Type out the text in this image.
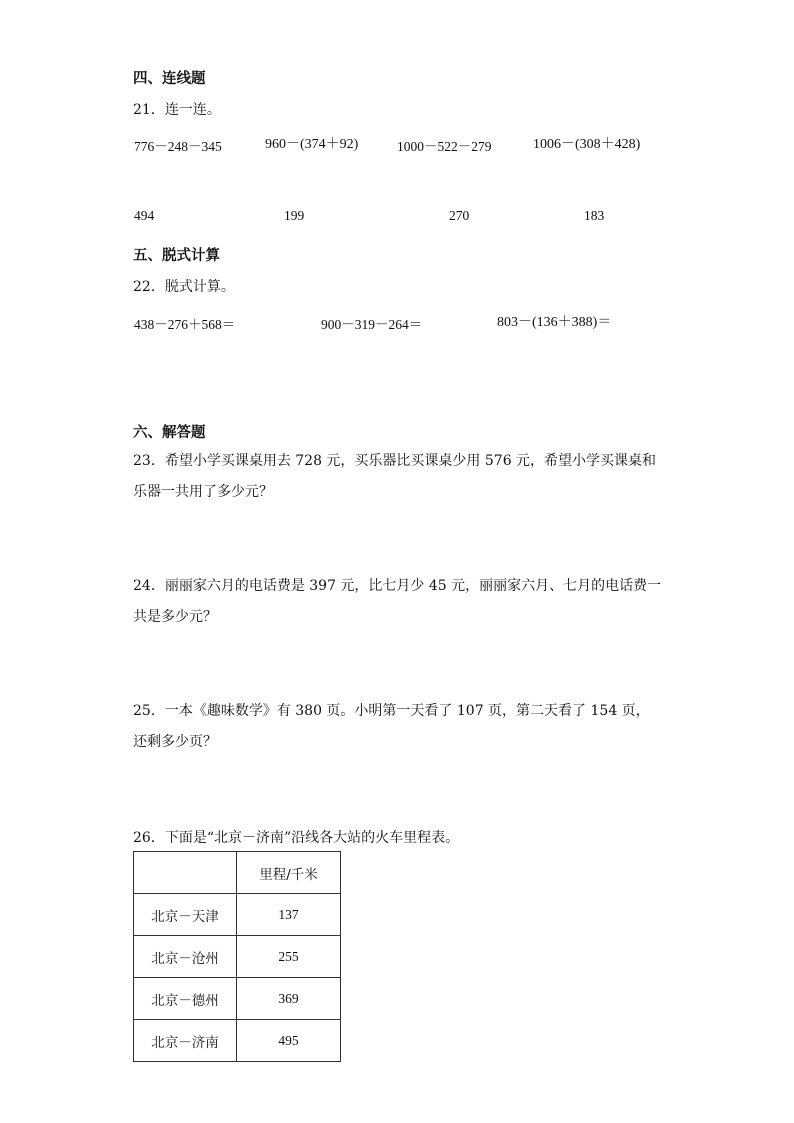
四、连线题
21．连一连。
776－248－345	960－(374＋92)	1000－522－279	1006－(308＋428)
494	199	270	183
五、脱式计算
22．脱式计算。
438－276＋568＝	900－319－264＝	803－(136＋388)＝
六、解答题
23．希望小学买课桌用去 728 元，买乐器比买课桌少用 576 元，希望小学买课桌和乐器一共用了多少元？
24．丽丽家六月的电话费是 397 元，比七月少 45 元，丽丽家六月、七月的电话费一共是多少元？
25．一本《趣味数学》有 380 页。小明第一天看了 107 页，第二天看了 154 页，还剩多少页？
26．下面是“北京－济南”沿线各大站的火车里程表。
	里程/千米
北京－天津	137
北京－沧州	255
北京－德州	369
北京－济南	495
